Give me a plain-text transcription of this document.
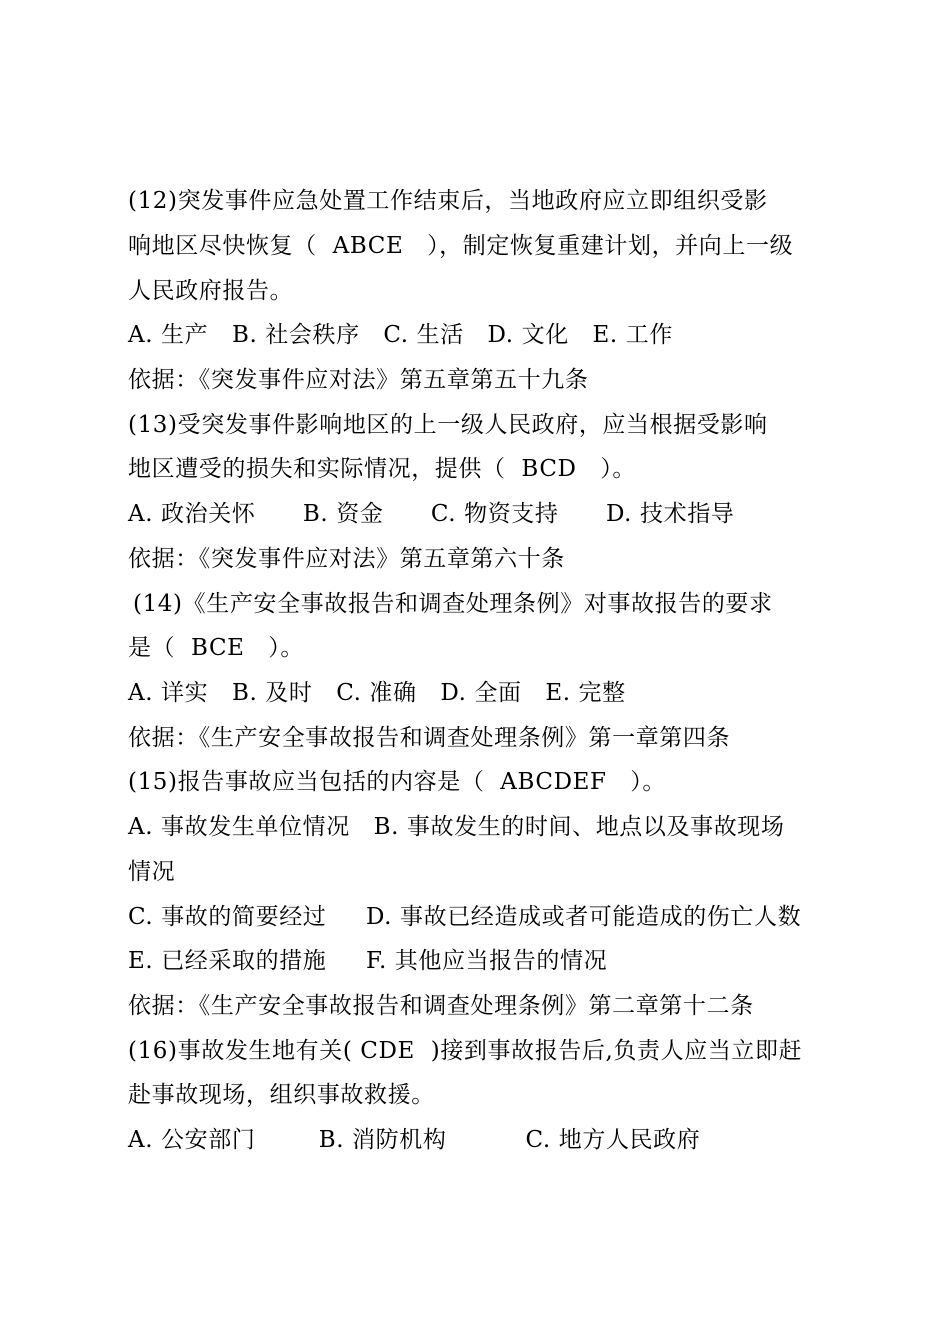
(12)突发事件应急处置工作结束后，当地政府应立即组织受影
响地区尽快恢复（  ABCE   ），制定恢复重建计划，并向上一级
人民政府报告。
A. 生产   B. 社会秩序   C. 生活   D. 文化   E. 工作
依据：《突发事件应对法》第五章第五十九条
(13)受突发事件影响地区的上一级人民政府，应当根据受影响
地区遭受的损失和实际情况，提供（  BCD   ）。
A. 政治关怀      B. 资金      C. 物资支持      D. 技术指导
依据：《突发事件应对法》第五章第六十条
(14)《生产安全事故报告和调查处理条例》对事故报告的要求
是（  BCE   ）。
A. 详实   B. 及时   C. 准确   D. 全面   E. 完整
依据：《生产安全事故报告和调查处理条例》第一章第四条
(15)报告事故应当包括的内容是（  ABCDEF   ）。
A. 事故发生单位情况   B. 事故发生的时间、地点以及事故现场
情况
C. 事故的简要经过     D. 事故已经造成或者可能造成的伤亡人数
E. 已经采取的措施     F. 其他应当报告的情况
依据：《生产安全事故报告和调查处理条例》第二章第十二条
(16)事故发生地有关( CDE  )接到事故报告后,负责人应当立即赶
赴事故现场，组织事故救援。
A. 公安部门        B. 消防机构          C. 地方人民政府
